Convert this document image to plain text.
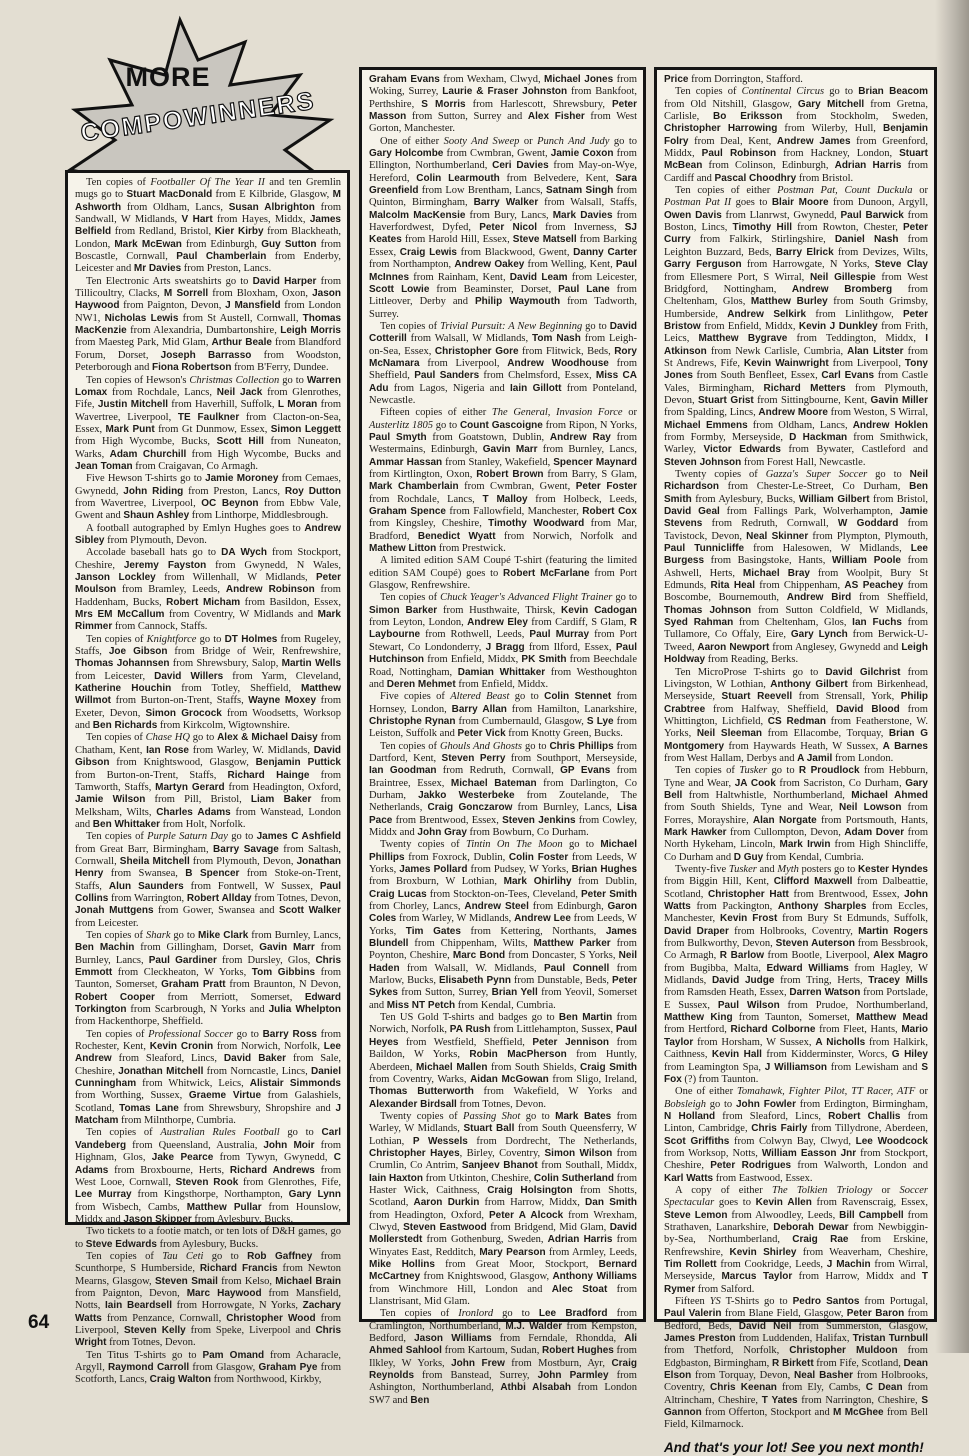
MORE
COMPOWINNERS

Ten copies of Footballer Of The Year II and ten Gremlin mugs go to Stuart MacDonald from E Kilbride, Glasgow, M Ashworth from Oldham, Lancs, Susan Albrighton from Sandwall, W Midlands, V Hart from Hayes, Middx, James Belfield from Redland, Bristol, Kier Kirby from Blackheath, London, Mark McEwan from Edinburgh, Guy Sutton from Boscastle, Cornwall, Paul Chamberlain from Enderby, Leicester and Mr Davies from Preston, Lancs.

Ten Electronic Arts sweatshirts go to David Harper from Tillicoultry, Clacks, M Sorrell from Bloxham, Oxon, Jason Haywood from Paignton, Devon, J Mansfield from London NW1, Nicholas Lewis from St Austell, Cornwall, Thomas MacKenzie from Alexandria, Dumbartonshire, Leigh Morris from Maesteg Park, Mid Glam, Arthur Beale from Blandford Forum, Dorset, Joseph Barrasso from Woodston, Peterborough and Fiona Robertson from B'Ferry, Dundee.

Ten copies of Hewson's Christmas Collection go to Warren Lomax from Rochdale, Lancs, Neil Jack from Glenrothes, Fife, Justin Mitchell from Haverhill, Suffolk, L Moran from Wavertree, Liverpool, TE Faulkner from Clacton-on-Sea, Essex, Mark Punt from Gt Dunmow, Essex, Simon Leggett from High Wycombe, Bucks, Scott Hill from Nuneaton, Warks, Adam Churchill from High Wycombe, Bucks and Jean Toman from Craigavan, Co Armagh.

Five Hewson T-shirts go to Jamie Moroney from Cemaes, Gwynedd, John Riding from Preston, Lancs, Roy Dutton from Wavertree, Liverpool, OC Beynon from Ebbw Vale, Gwent and Shaun Ashley from Linthorpe, Middlesbrough.

A football autographed by Emlyn Hughes goes to Andrew Sibley from Plymouth, Devon.

Accolade baseball hats go to DA Wych from Stockport, Cheshire, Jeremy Fayston from Gwynedd, N Wales, Janson Lockley from Willenhall, W Midlands, Peter Moulson from Bramley, Leeds, Andrew Robinson from Haddenham, Bucks, Robert Micham from Basildon, Essex, Mrs EM McCallum from Coventry, W Midlands and Mark Rimmer from Cannock, Staffs.

Ten copies of Knightforce go to DT Holmes from Rugeley, Staffs, Joe Gibson from Bridge of Weir, Renfrewshire, Thomas Johannsen from Shrewsbury, Salop, Martin Wells from Leicester, David Willers from Yarm, Cleveland, Katherine Houchin from Totley, Sheffield, Matthew Willmot from Burton-on-Trent, Staffs, Wayne Moxey from Exeter, Devon, Simon Grocock from Woodsetts, Worksop and Ben Richards from Kirkcolm, Wigtownshire.

Ten copies of Chase HQ go to Alex & Michael Daisy from Chatham, Kent, Ian Rose from Warley, W. Midlands, David Gibson from Knightswood, Glasgow, Benjamin Puttick from Burton-on-Trent, Staffs, Richard Hainge from Tamworth, Staffs, Martyn Gerard from Headington, Oxford, Jamie Wilson from Pill, Bristol, Liam Baker from Melksham, Wilts, Charles Adams from Wanstead, London and Ben Whittaker from Holt, Norfolk.

Ten copies of Purple Saturn Day go to James C Ashfield from Great Barr, Birmingham, Barry Savage from Saltash, Cornwall, Sheila Mitchell from Plymouth, Devon, Jonathan Henry from Swansea, B Spencer from Stoke-on-Trent, Staffs, Alun Saunders from Fontwell, W Sussex, Paul Collins from Warrington, Robert Allday from Totnes, Devon, Jonah Muttgens from Gower, Swansea and Scott Walker from Leicester.

Ten copies of Shark go to Mike Clark from Burnley, Lancs, Ben Machin from Gillingham, Dorset, Gavin Marr from Burnley, Lancs, Paul Gardiner from Dursley, Glos, Chris Emmott from Cleckheaton, W Yorks, Tom Gibbins from Taunton, Somerset, Graham Pratt from Braunton, N Devon, Robert Cooper from Merriott, Somerset, Edward Torkington from Scarbrough, N Yorks and Julia Whelpton from Hackenthorpe, Sheffield.

Ten copies of Professional Soccer go to Barry Ross from Rochester, Kent, Kevin Cronin from Norwich, Norfolk, Lee Andrew from Sleaford, Lincs, David Baker from Sale, Cheshire, Jonathan Mitchell from Norncastle, Lincs, Daniel Cunningham from Whitwick, Leics, Alistair Simmonds from Worthing, Sussex, Graeme Virtue from Galashiels, Scotland, Tomas Lane from Shrewsbury, Shropshire and J Matcham from Milnthorpe, Cumbria.

Ten copies of Australian Rules Football go to Carl Vandeberg from Queensland, Australia, John Moir from Highnam, Glos, Jake Pearce from Tywyn, Gwynedd, C Adams from Broxbourne, Herts, Richard Andrews from West Looe, Cornwall, Steven Rook from Glenrothes, Fife, Lee Murray from Kingsthorpe, Northampton, Gary Lynn from Wisbech, Cambs, Matthew Pullar from Hounslow, Middx and Jason Skipper from Aylesbury, Bucks.

Two tickets to a footie match, or ten lots of D&H games, go to Steve Edwards from Aylesbury, Bucks.

Ten copies of Tau Ceti go to Rob Gaffney from Scunthorpe, S Humberside, Richard Francis from Newton Mearns, Glasgow, Steven Smail from Kelso, Michael Brain from Paignton, Devon, Marc Haywood from Mansfield, Notts, Iain Beardsell from Horrowgate, N Yorks, Zachary Watts from Penzance, Cornwall, Christopher Wood from Liverpool, Steven Kelly from Speke, Liverpool and Chris Wright from Totnes, Devon.

Ten Titus T-shirts go to Pam Omand from Acharacle, Argyll, Raymond Carroll from Glasgow, Graham Pye from Scotforth, Lancs, Craig Walton from Northwood, Kirkby,

Graham Evans from Wexham, Clwyd, Michael Jones from Woking, Surrey, Laurie & Fraser Johnston from Bankfoot, Perthshire, S Morris from Harlescott, Shrewsbury, Peter Masson from Sutton, Surrey and Alex Fisher from West Gorton, Manchester.

One of either Sooty And Sweep or Punch And Judy go to Gary Holcombe from Cwmbran, Gwent, Jamie Coxon from Ellington, Northumberland, Ceri Davies from May-on-Wye, Hereford, Colin Learmouth from Belvedere, Kent, Sara Greenfield from Low Brentham, Lancs, Satnam Singh from Quinton, Birmingham, Barry Walker from Walsall, Staffs, Malcolm MacKensie from Bury, Lancs, Mark Davies from Haverfordwest, Dyfed, Peter Nicol from Inverness, SJ Keates from Harold Hill, Essex, Steve Matsell from Barking Essex, Craig Lewis from Blackwood, Gwent, Danny Carter from Northampton, Andrew Oakey from Welling, Kent, Paul McInnes from Rainham, Kent, David Leam from Leicester, Scott Lowie from Beaminster, Dorset, Paul Lane from Littleover, Derby and Philip Waymouth from Tadworth, Surrey.

Ten copies of Trivial Pursuit: A New Beginning go to David Cotterill from Walsall, W Midlands, Tom Nash from Leigh-on-Sea, Essex, Christopher Gore from Flitwick, Beds, Rory McNamara from Liverpool, Andrew Woodhouse from Sheffield, Paul Sanders from Chelmsford, Essex, Miss CA Adu from Lagos, Nigeria and Iain Gillott from Ponteland, Newcastle.

Fifteen copies of either The General, Invasion Force or Austerlitz 1805 go to Count Gascoigne from Ripon, N Yorks, Paul Smyth from Goatstown, Dublin, Andrew Ray from Westermains, Edinburgh, Gavin Marr from Burnley, Lancs, Ammar Hassan from Stanley, Wakefield, Spencer Maynard from Kirtlington, Oxon, Robert Brown from Barry, S Glam, Mark Chamberlain from Cwmbran, Gwent, Peter Foster from Rochdale, Lancs, T Malloy from Holbeck, Leeds, Graham Spence from Fallowfield, Manchester, Robert Cox from Kingsley, Cheshire, Timothy Woodward from Mar, Bradford, Benedict Wyatt from Norwich, Norfolk and Mathew Litton from Prestwick.

A limited edition SAM Coupé T-shirt (featuring the limited edition SAM Coupé) goes to Robert McFarlane from Port Glasgow, Renfrewshire.

Ten copies of Chuck Yeager's Advanced Flight Trainer go to Simon Barker from Husthwaite, Thirsk, Kevin Cadogan from Leyton, London, Andrew Eley from Cardiff, S Glam, R Laybourne from Rothwell, Leeds, Paul Murray from Port Stewart, Co Londonderry, J Bragg from Ilford, Essex, Paul Hutchinson from Enfield, Middx, PK Smith from Beechdale Road, Nottingham, Damian Whittaker from Westhoughton and Deren Mehmet from Enfield, Middx.

Five copies of Altered Beast go to Colin Stennet from Hornsey, London, Barry Allan from Hamilton, Lanarkshire, Christophe Rynan from Cumbernauld, Glasgow, S Lye from Leiston, Suffolk and Peter Vick from Knotty Green, Bucks.

Ten copies of Ghouls And Ghosts go to Chris Phillips from Dartford, Kent, Steven Perry from Southport, Merseyside, Ian Goodman from Redruth, Cornwall, GP Evans from Braintree, Essex, Michael Bateman from Darlington, Co Durham, Jakko Westerbeke from Zoutelande, The Netherlands, Craig Gonczarow from Burnley, Lancs, Lisa Pace from Brentwood, Essex, Steven Jenkins from Cowley, Middx and John Gray from Bowburn, Co Durham.

Twenty copies of Tintin On The Moon go to Michael Phillips from Foxrock, Dublin, Colin Foster from Leeds, W Yorks, James Pollard from Pudsey, W Yorks, Brian Hughes from Broxburn, W Lothian, Mark Ohirlihy from Dublin, Craig Lucas from Stockton-on-Tees, Cleveland, Peter Smith from Chorley, Lancs, Andrew Steel from Edinburgh, Garon Coles from Warley, W Midlands, Andrew Lee from Leeds, W Yorks, Tim Gates from Kettering, Northants, James Blundell from Chippenham, Wilts, Matthew Parker from Poynton, Cheshire, Marc Bond from Doncaster, S Yorks, Neil Haden from Walsall, W. Midlands, Paul Connell from Marlow, Bucks, Elisabeth Pynn from Dunstable, Beds, Peter Sykes from Sutton, Surrey, Brian Yell from Yeovil, Somerset and Miss NT Petch from Kendal, Cumbria.

Ten US Gold T-shirts and badges go to Ben Martin from Norwich, Norfolk, PA Rush from Littlehampton, Sussex, Paul Heyes from Westfield, Sheffield, Peter Jennison from Baildon, W Yorks, Robin MacPherson from Huntly, Aberdeen, Michael Mallen from South Shields, Craig Smith from Coventry, Warks, Aidan McGowan from Sligo, Ireland, Thomas Butterworth from Wakefield, W Yorks and Alexander Birdsall from Totnes, Devon.

Twenty copies of Passing Shot go to Mark Bates from Warley, W Midlands, Stuart Ball from South Queensferry, W Lothian, P Wessels from Dordrecht, The Netherlands, Christopher Hayes, Birley, Coventry, Simon Wilson from Crumlin, Co Antrim, Sanjeev Bhanot from Southall, Middx, Iain Haxton from Utkinton, Cheshire, Colin Sutherland from Haster Wick, Caithness, Craig Holsington from Shotts, Scotland, Aaron Durkin from Harrow, Middx, Dan Smith from Headington, Oxford, Peter A Alcock from Wrexham, Clwyd, Steven Eastwood from Bridgend, Mid Glam, David Mollerstedt from Gothenburg, Sweden, Adrian Harris from Winyates East, Redditch, Mary Pearson from Armley, Leeds, Mike Hollins from Great Moor, Stockport, Bernard McCartney from Knightswood, Glasgow, Anthony Williams from Winchmore Hill, London and Alec Stoat from Llanstrisant, Mid Glam.

Ten copies of Ironlord go to Lee Bradford from Cramlington, Northumberland, M.J. Walder from Kempston, Bedford, Jason Williams from Ferndale, Rhondda, Ali Ahmed Sahlool from Kartoum, Sudan, Robert Hughes from Ilkley, W Yorks, John Frew from Mostburn, Ayr, Craig Reynolds from Banstead, Surrey, John Parmley from Ashington, Northumberland, Athbi Alsabah from London SW7 and Ben

Price from Dorrington, Stafford.

Ten copies of Continental Circus go to Brian Beacom from Old Nitshill, Glasgow, Gary Mitchell from Gretna, Carlisle, Bo Eriksson from Stockholm, Sweden, Christopher Harrowing from Wilerby, Hull, Benjamin Folry from Deal, Kent, Andrew James from Greenford, Middx, Paul Robinson from Hackney, London, Stuart McBean from Colinson, Edinburgh, Adrian Harris from Cardiff and Pascal Choodhry from Bristol.

Ten copies of either Postman Pat, Count Duckula or Postman Pat II goes to Blair Moore from Dunoon, Argyll, Owen Davis from Llanrwst, Gwynedd, Paul Barwick from Boston, Lincs, Timothy Hill from Rowton, Chester, Peter Curry from Falkirk, Stirlingshire, Daniel Nash from Leighton Buzzard, Beds, Barry Elrick from Devizes, Wilts, Garry Ferguson from Harrowgate, N Yorks, Steve Clay from Ellesmere Port, S Wirral, Neil Gillespie from West Bridgford, Nottingham, Andrew Bromberg from Cheltenham, Glos, Matthew Burley from South Grimsby, Humberside, Andrew Selkirk from Linlithgow, Peter Bristow from Enfield, Middx, Kevin J Dunkley from Frith, Leics, Matthew Bygrave from Teddington, Middx, I Atkinson from Newk Carlisle, Cumbria, Alan Litster from St Andrews, Fife, Kevin Wainwright from Liverpool, Tony Jones from South Benfleet, Essex, Carl Evans from Castle Vales, Birmingham, Richard Metters from Plymouth, Devon, Stuart Grist from Sittingbourne, Kent, Gavin Miller from Spalding, Lincs, Andrew Moore from Weston, S Wirral, Michael Emmens from Oldham, Lancs, Andrew Hoklen from Formby, Merseyside, D Hackman from Smithwick, Warley, Victor Edwards from Bywater, Castleford and Steven Johnson from Forest Hall, Newcastle.

Twenty copies of Gazza's Super Soccer go to Neil Richardson from Chester-Le-Street, Co Durham, Ben Smith from Aylesbury, Bucks, William Gilbert from Bristol, David Geal from Fallings Park, Wolverhampton, Jamie Stevens from Redruth, Cornwall, W Goddard from Tavistock, Devon, Neal Skinner from Plympton, Plymouth, Paul Tunnicliffe from Halesowen, W Midlands, Lee Burgess from Basingstoke, Hants, William Poole from Ashwell, Herts, Michael Bray from Woolpit, Bury St Edmunds, Rita Heal from Chippenham, AS Peachey from Boscombe, Bournemouth, Andrew Bird from Sheffield, Thomas Johnson from Sutton Coldfield, W Midlands, Syed Rahman from Cheltenham, Glos, Ian Fuchs from Tullamore, Co Offaly, Eire, Gary Lynch from Berwick-U-Tweed, Aaron Newport from Anglesey, Gwynedd and Leigh Holdway from Reading, Berks.

Ten MicroProse T-shirts go to David Gilchrist from Livingston, W Lothian, Anthony Gilbert from Birkenhead, Merseyside, Stuart Reevell from Strensall, York, Philip Crabtree from Halfway, Sheffield, David Blood from Whittington, Lichfield, CS Redman from Featherstone, W. Yorks, Neil Sleeman from Ellacombe, Torquay, Brian G Montgomery from Haywards Heath, W Sussex, A Barnes from West Hallam, Derbys and A Jamil from London.

Ten copies of Tusker go to R Proudlock from Hebburn, Tyne and Wear, JA Cook from Sacriston, Co Durham, Gary Bell from Haltwhistle, Northumberland, Michael Ahmed from South Shields, Tyne and Wear, Neil Lowson from Forres, Morayshire, Alan Norgate from Portsmouth, Hants, Mark Hawker from Cullompton, Devon, Adam Dover from North Hykeham, Lincoln, Mark Irwin from High Shincliffe, Co Durham and D Guy from Kendal, Cumbria.

Twenty-five Tusker and Myth posters go to Kester Hyndes from Biggin Hill, Kent, Clifford Maxwell from Dalbeattie, Scotland, Christopher Hatt from Brentwood, Essex, John Watts from Packington, Anthony Sharples from Eccles, Manchester, Kevin Frost from Bury St Edmunds, Suffolk, David Draper from Holbrooks, Coventry, Martin Rogers from Bulkworthy, Devon, Steven Auterson from Bessbrook, Co Armagh, R Barlow from Bootle, Liverpool, Alex Magro from Bugibba, Malta, Edward Williams from Hagley, W Midlands, David Judge from Tring, Herts, Tracey Mills from Ramsden Heath, Essex, Darren Watson from Portslade, E Sussex, Paul Wilson from Prudoe, Northumberland, Matthew King from Taunton, Somerset, Matthew Mead from Hertford, Richard Colborne from Fleet, Hants, Mario Taylor from Horsham, W Sussex, A Nicholls from Halkirk, Caithness, Kevin Hall from Kidderminster, Worcs, G Hiley from Leamington Spa, J Williamson from Lewisham and S Fox (?) from Taunton.

One of either Tomahawk, Fighter Pilot, TT Racer, ATF or Bobsleigh go to John Fowler from Erdington, Birmingham, N Holland from Sleaford, Lincs, Robert Challis from Linton, Cambridge, Chris Fairly from Tillydrone, Aberdeen, Scot Griffiths from Colwyn Bay, Clwyd, Lee Woodcock from Worksop, Notts, William Easson Jnr from Stockport, Cheshire, Peter Rodrigues from Walworth, London and Karl Watts from Eastwood, Essex.

A copy of either The Tolkien Triology or Soccer Spectacular goes to Kevin Allen from Ravenscraig, Essex, Steve Lemon from Alwoodley, Leeds, Bill Campbell from Strathaven, Lanarkshire, Deborah Dewar from Newbiggin-by-Sea, Northumberland, Craig Rae from Erskine, Renfrewshire, Kevin Shirley from Weaverham, Cheshire, Tim Rollett from Cookridge, Leeds, J Machin from Wirral, Merseyside, Marcus Taylor from Harrow, Middx and T Rymer from Salford.

Fifteen YS T-Shirts go to Pedro Santos from Portugal, Paul Valerin from Blane Field, Glasgow, Peter Baron from Bedford, Beds, David Neil from Summerston, Glasgow, James Preston from Luddenden, Halifax, Tristan Turnbull from Thetford, Norfolk, Christopher Muldoon from Edgbaston, Birmingham, R Birkett from Fife, Scotland, Dean Elson from Torquay, Devon, Neal Basher from Holbrooks, Coventry, Chris Keenan from Ely, Cambs, C Dean from Altrincham, Cheshire, T Yates from Narrington, Cheshire, S Gannon from Offerton, Stockport and M McGhee from Bell Field, Kilmarnock.

And that's your lot! See you next month!
64
